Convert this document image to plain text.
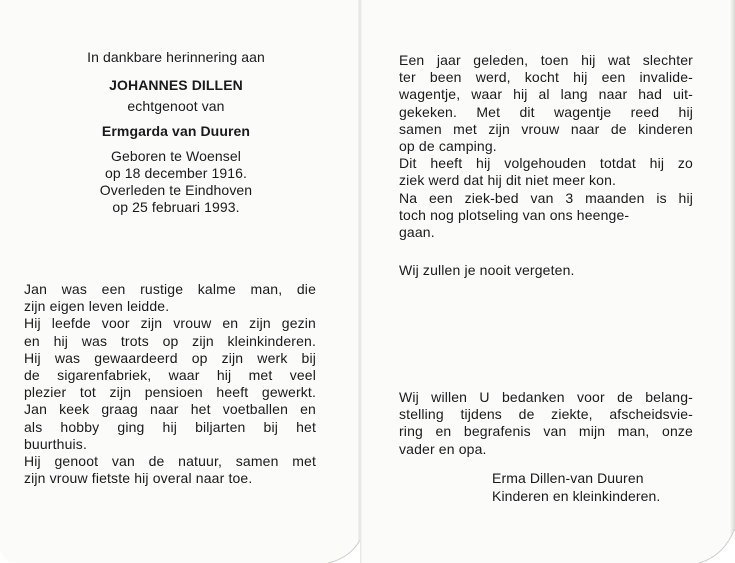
In dankbare herinnering aan
JOHANNES DILLEN
echtgenoot van
Ermgarda van Duuren
Geboren te Woensel
op 18 december 1916.
Overleden te Eindhoven
op 25 februari 1993.
Jan was een rustige kalme man, die
zijn eigen leven leidde.
Hij leefde voor zijn vrouw en zijn gezin
en hij was trots op zijn kleinkinderen.
Hij was gewaardeerd op zijn werk bij
de sigarenfabriek, waar hij met veel
plezier tot zijn pensioen heeft gewerkt.
Jan keek graag naar het voetballen en
als hobby ging hij biljarten bij het
buurthuis.
Hij genoot van de natuur, samen met
zijn vrouw fietste hij overal naar toe.
Een jaar geleden, toen hij wat slechter
ter been werd, kocht hij een invalide-
wagentje, waar hij al lang naar had uit-
gekeken. Met dit wagentje reed hij
samen met zijn vrouw naar de kinderen
op de camping.
Dit heeft hij volgehouden totdat hij zo
ziek werd dat hij dit niet meer kon.
Na een ziek-bed van 3 maanden is hij
toch nog plotseling van ons heenge-
gaan.
Wij zullen je nooit vergeten.
Wij willen U bedanken voor de belang-
stelling tijdens de ziekte, afscheidsvie-
ring en begrafenis van mijn man, onze
vader en opa.
Erma Dillen-van Duuren
Kinderen en kleinkinderen.
